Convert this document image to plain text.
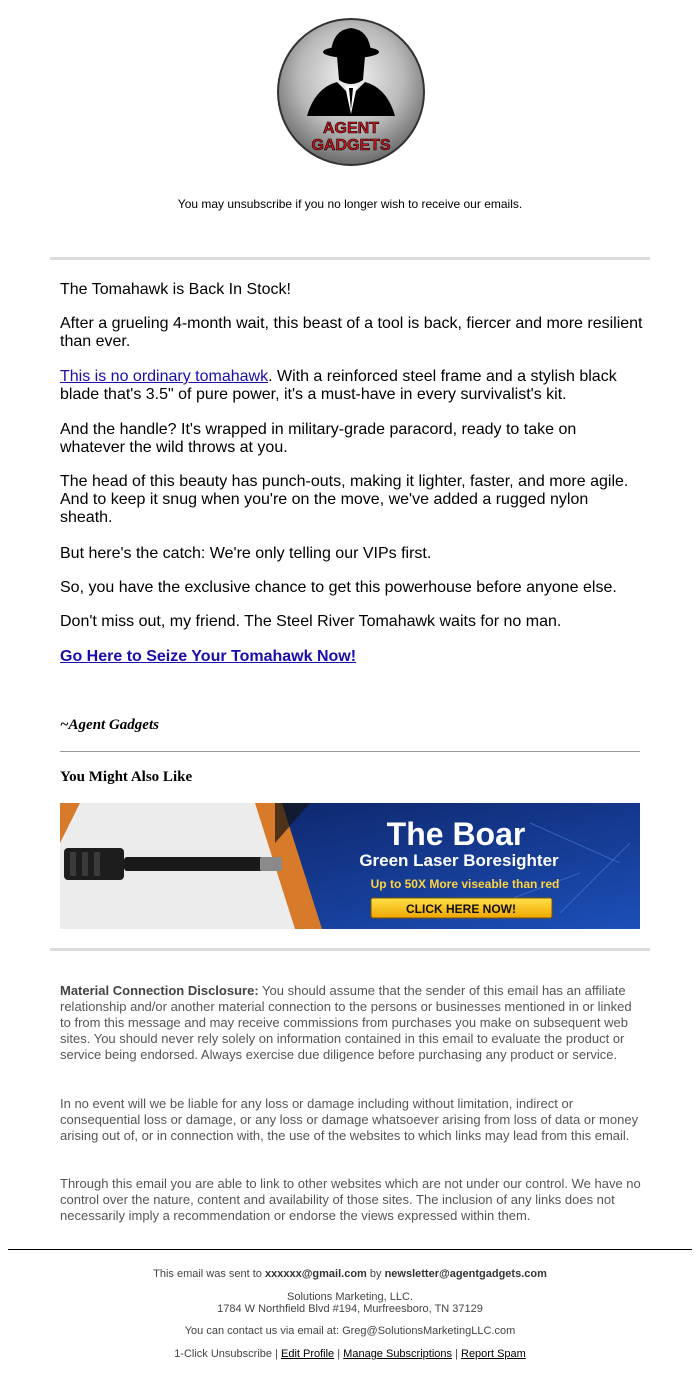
AGENT
GADGETS
You may unsubscribe if you no longer wish to receive our emails.

The Tomahawk is Back In Stock!

After a grueling 4-month wait, this beast of a tool is back, fiercer and more resilient than ever.

This is no ordinary tomahawk. With a reinforced steel frame and a stylish black blade that's 3.5" of pure power, it's a must-have in every survivalist's kit.

And the handle? It's wrapped in military-grade paracord, ready to take on whatever the wild throws at you.

The head of this beauty has punch-outs, making it lighter, faster, and more agile. And to keep it snug when you're on the move, we've added a rugged nylon sheath.

But here's the catch: We're only telling our VIPs first.

So, you have the exclusive chance to get this powerhouse before anyone else.

Don't miss out, my friend. The Steel River Tomahawk waits for no man.

Go Here to Seize Your Tomahawk Now!

~Agent Gadgets
You Might Also Like
The Boar
Green Laser Boresighter
Up to 50X More viseable than red
CLICK HERE NOW!
Material Connection Disclosure: You should assume that the sender of this email has an affiliate relationship and/or another material connection to the persons or businesses mentioned in or linked to from this message and may receive commissions from purchases you make on subsequent web sites. You should never rely solely on information contained in this email to evaluate the product or service being endorsed. Always exercise due diligence before purchasing any product or service.
In no event will we be liable for any loss or damage including without limitation, indirect or consequential loss or damage, or any loss or damage whatsoever arising from loss of data or money arising out of, or in connection with, the use of the websites to which links may lead from this email.
Through this email you are able to link to other websites which are not under our control. We have no control over the nature, content and availability of those sites. The inclusion of any links does not necessarily imply a recommendation or endorse the views expressed within them.
This email was sent to xxxxxx@gmail.com by newsletter@agentgadgets.com
Solutions Marketing, LLC.
1784 W Northfield Blvd #194, Murfreesboro, TN 37129
You can contact us via email at: Greg@SolutionsMarketingLLC.com
1-Click Unsubscribe | Edit Profile | Manage Subscriptions | Report Spam
